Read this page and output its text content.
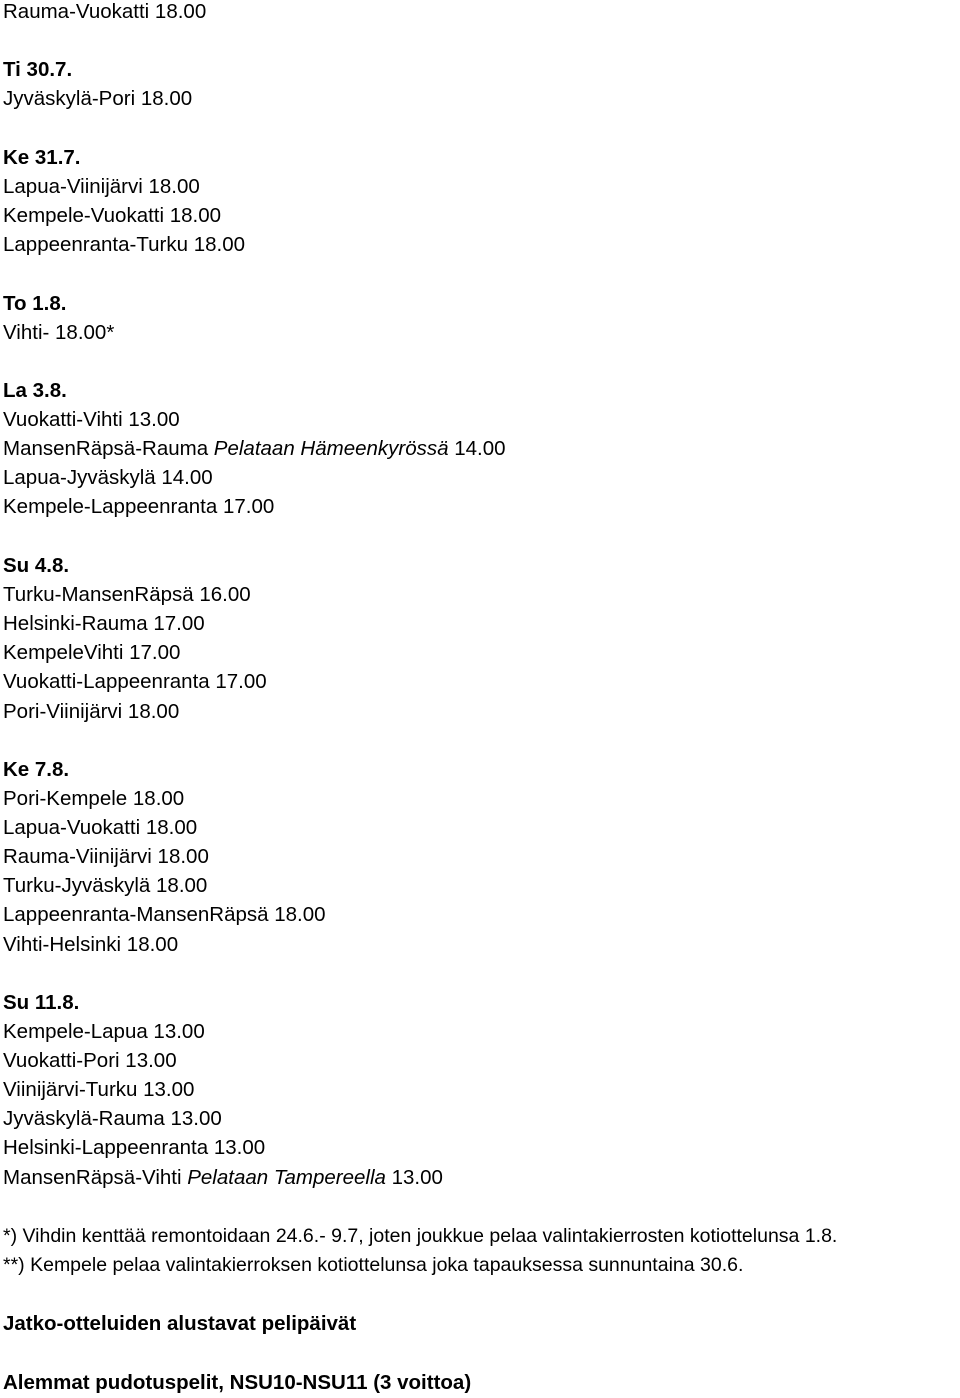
Rauma-Vuokatti 18.00
Ti 30.7.
Jyväskylä-Pori 18.00
Ke 31.7.
Lapua-Viinijärvi 18.00
Kempele-Vuokatti 18.00
Lappeenranta-Turku 18.00
To 1.8.
Vihti- 18.00*
La 3.8.
Vuokatti-Vihti 13.00
MansenRäpsä-Rauma Pelataan Hämeenkyrössä 14.00
Lapua-Jyväskylä 14.00
Kempele-Lappeenranta 17.00
Su 4.8.
Turku-MansenRäpsä 16.00
Helsinki-Rauma 17.00
KempeleVihti 17.00
Vuokatti-Lappeenranta 17.00
Pori-Viinijärvi 18.00
Ke 7.8.
Pori-Kempele 18.00
Lapua-Vuokatti 18.00
Rauma-Viinijärvi 18.00
Turku-Jyväskylä 18.00
Lappeenranta-MansenRäpsä 18.00
Vihti-Helsinki 18.00
Su 11.8.
Kempele-Lapua 13.00
Vuokatti-Pori 13.00
Viinijärvi-Turku 13.00
Jyväskylä-Rauma 13.00
Helsinki-Lappeenranta 13.00
MansenRäpsä-Vihti Pelataan Tampereella 13.00
*) Vihdin kenttää remontoidaan 24.6.- 9.7, joten joukkue pelaa valintakierrosten kotiottelunsa 1.8.
**) Kempele pelaa valintakierroksen kotiottelunsa joka tapauksessa sunnuntaina 30.6.
Jatko-otteluiden alustavat pelipäivät
Alemmat pudotuspelit, NSU10-NSU11 (3 voittoa)
